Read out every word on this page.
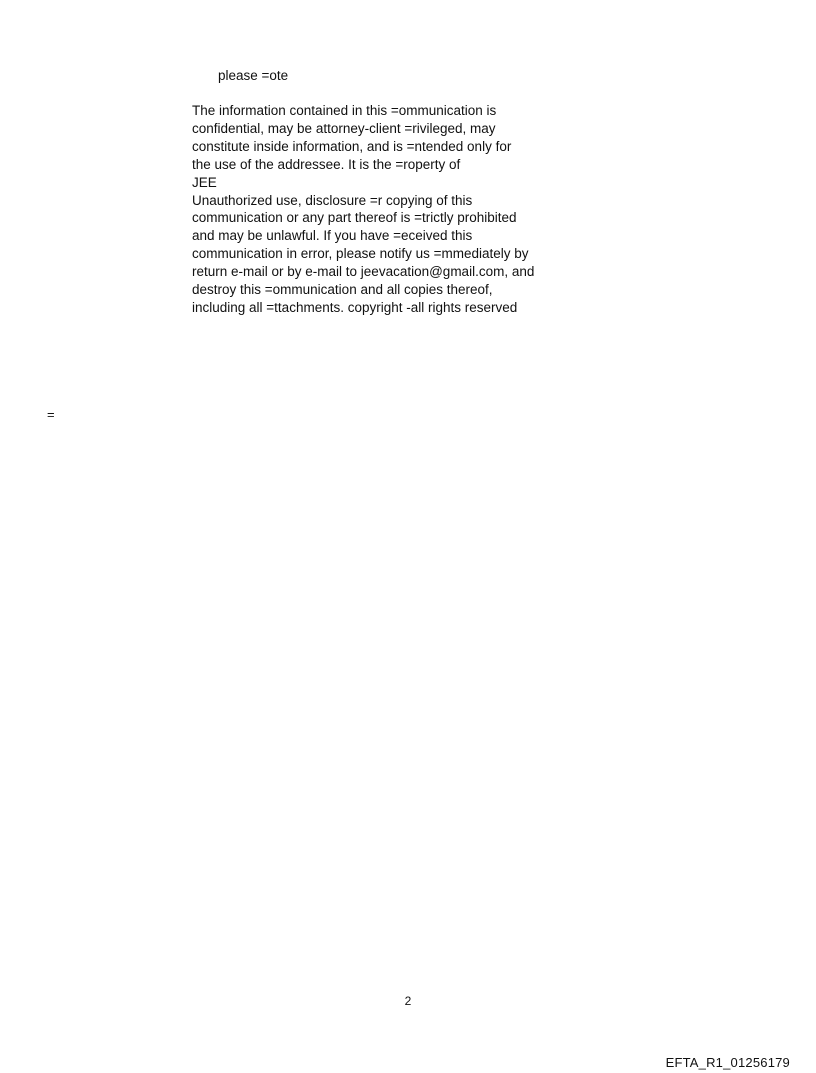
please =ote
The information contained in this =ommunication is
confidential, may be attorney-client =rivileged, may
constitute inside information, and is =ntended only for
the use of the addressee. It is the =roperty of
JEE
Unauthorized use, disclosure =r copying of this
communication or any part thereof is =trictly prohibited
and may be unlawful. If you have =eceived this
communication in error, please notify us =mmediately by
return e-mail or by e-mail to jeevacation@gmail.com, and
destroy this =ommunication and all copies thereof,
including all =ttachments. copyright -all rights reserved
=
2
EFTA_R1_01256179
